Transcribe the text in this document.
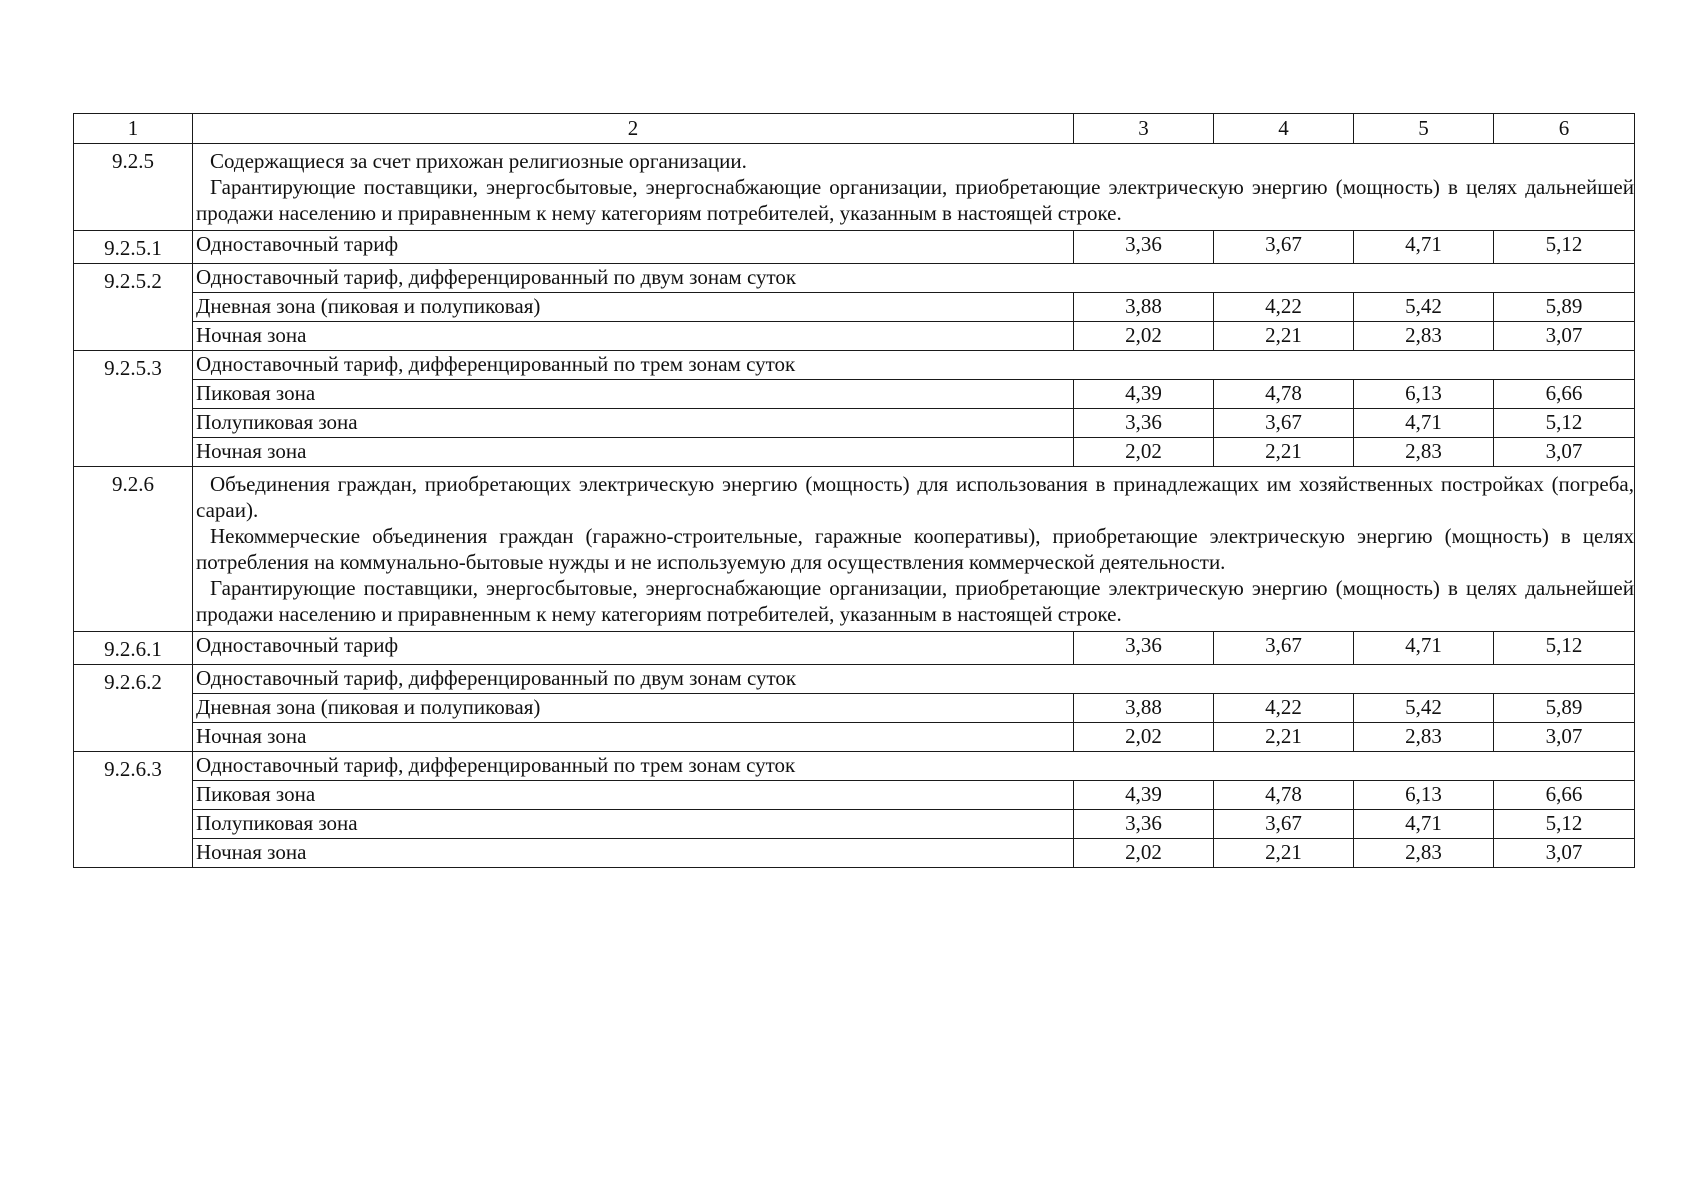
1	2	3	4	5	6
9.2.5	Содержащиеся за счет прихожан религиозные организации.
Гарантирующие поставщики, энергосбытовые, энергоснабжающие организации, приобретающие электрическую энергию (мощность) в целях дальнейшей продажи населению и приравненным к нему категориям потребителей, указанным в настоящей строке.				

9.2.5.1	Одноставочный тариф	3,36	3,67	4,71	5,12
9.2.5.2	Одноставочный тариф, дифференцированный по двум зонам суток				
	Дневная зона (пиковая и полупиковая)	3,88	4,22	5,42	5,89
	Ночная зона	2,02	2,21	2,83	3,07
9.2.5.3	Одноставочный тариф, дифференцированный по трем зонам суток				
	Пиковая зона	4,39	4,78	6,13	6,66
	Полупиковая зона	3,36	3,67	4,71	5,12
	Ночная зона	2,02	2,21	2,83	3,07
9.2.6	Объединения граждан, приобретающих электрическую энергию (мощность) для использования в принадлежащих им хозяйственных постройках (погреба, сараи).
Некоммерческие объединения граждан (гаражно-строительные, гаражные кооперативы), приобретающие электрическую энергию (мощность) в целях потребления на коммунально-бытовые нужды и не используемую для осуществления коммерческой деятельности.
Гарантирующие поставщики, энергосбытовые, энергоснабжающие организации, приобретающие электрическую энергию (мощность) в целях дальнейшей продажи населению и приравненным к нему категориям потребителей, указанным в настоящей строке.				

9.2.6.1	Одноставочный тариф	3,36	3,67	4,71	5,12
9.2.6.2	Одноставочный тариф, дифференцированный по двум зонам суток				
	Дневная зона (пиковая и полупиковая)	3,88	4,22	5,42	5,89
	Ночная зона	2,02	2,21	2,83	3,07
9.2.6.3	Одноставочный тариф, дифференцированный по трем зонам суток				
	Пиковая зона	4,39	4,78	6,13	6,66
	Полупиковая зона	3,36	3,67	4,71	5,12
	Ночная зона	2,02	2,21	2,83	3,07
